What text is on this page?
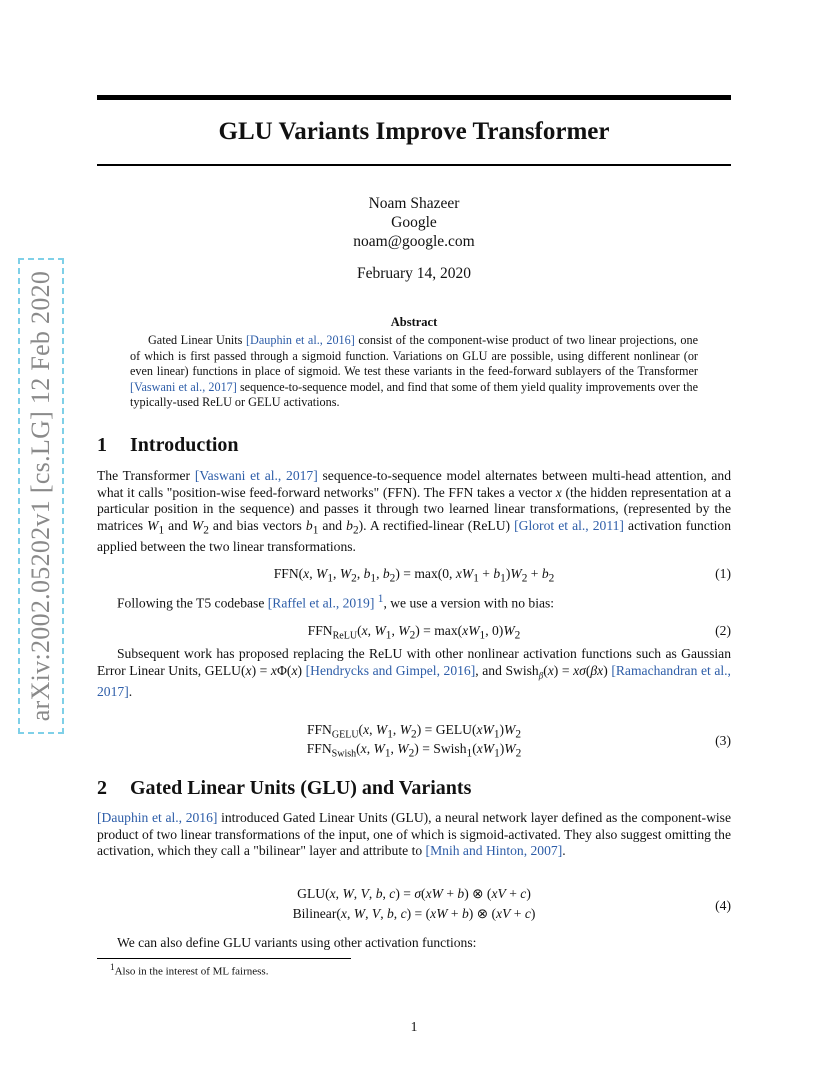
arXiv:2002.05202v1 [cs.LG] 12 Feb 2020
GLU Variants Improve Transformer
Noam Shazeer
Google
noam@google.com
February 14, 2020
Abstract

Gated Linear Units [Dauphin et al., 2016] consist of the component-wise product of two linear projections, one of which is first passed through a sigmoid function. Variations on GLU are possible, using different nonlinear (or even linear) functions in place of sigmoid. We test these variants in the feed-forward sublayers of the Transformer [Vaswani et al., 2017] sequence-to-sequence model, and find that some of them yield quality improvements over the typically-used ReLU or GELU activations.

1 Introduction

The Transformer [Vaswani et al., 2017] sequence-to-sequence model alternates between multi-head attention, and what it calls "position-wise feed-forward networks" (FFN). The FFN takes a vector x (the hidden representation at a particular position in the sequence) and passes it through two learned linear transformations, (represented by the matrices $W_1$ and $W_2$ and bias vectors $b_1$ and $b_2$). A rectified-linear (ReLU) [Glorot et al., 2011] activation function applied between the two linear transformations.

FFN(x, $W_1$, $W_2$, $b_1$, $b_2) = \max(0$, $xW_1 + b_1)W_2 + b_2$	(1)

Following the T5 codebase [Raffel et al., 2019] $^1$, we use a version with no bias:

$FFN_{ReLU}(x$, $W_1$, $W_2) = \max(xW_1$, $0)W_2$	(2)

Subsequent work has proposed replacing the ReLU with other nonlinear activation functions such as Gaussian Error Linear Units, GELU(x) = xΦ(x) [Hendrycks and Gimpel, 2016], and Swish$_\beta$(x) = xσ(βx) [Ramachandran et al., 2017].

$FFN_{GELU}(x$, $W_1$, $W_2$) = $GELU(xW_1)W_2$
$FFN_{Swish}(x$, $W_1$, $W_2$) = $Swish_1(xW_1)W_2$
(3)
2 Gated Linear Units (GLU) and Variants

[Dauphin et al., 2016] introduced Gated Linear Units (GLU), a neural network layer defined as the component-wise product of two linear transformations of the input, one of which is sigmoid-activated. They also suggest omitting the activation, which they call a "bilinear" layer and attribute to [Mnih and Hinton, 2007].

GLU(x, W, V, b, c) = σ(xW + b) ⊗ (xV + c)
Bilinear(x, W, V, b, c) = (xW + b) ⊗ (xV + c)
(4)

We can also define GLU variants using other activation functions:

$^1$Also in the interest of ML fairness.
1
